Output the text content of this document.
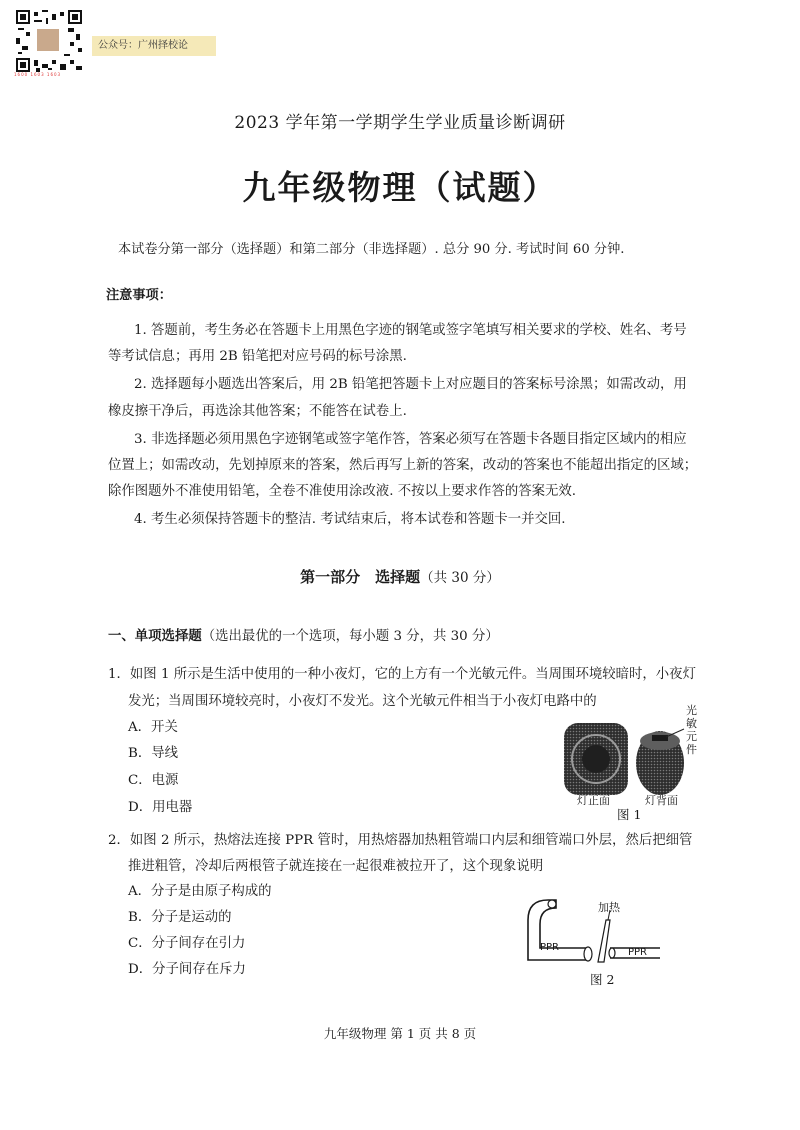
1600 1603 1603
公众号：广州择校论
2023 学年第一学期学生学业质量诊断调研
九年级物理（试题）
本试卷分第一部分（选择题）和第二部分（非选择题）. 总分 90 分. 考试时间 60 分钟.
注意事项：
1. 答题前，考生务必在答题卡上用黑色字迹的钢笔或签字笔填写相关要求的学校、姓名、考号
等考试信息；再用 2B 铅笔把对应号码的标号涂黑.
2. 选择题每小题选出答案后，用 2B 铅笔把答题卡上对应题目的答案标号涂黑；如需改动，用
橡皮擦干净后，再选涂其他答案；不能答在试卷上.
3. 非选择题必须用黑色字迹钢笔或签字笔作答，答案必须写在答题卡各题目指定区域内的相应
位置上；如需改动，先划掉原来的答案，然后再写上新的答案，改动的答案也不能超出指定的区域；
除作图题外不准使用铅笔，全卷不准使用涂改液. 不按以上要求作答的答案无效.
4. 考生必须保持答题卡的整洁. 考试结束后，将本试卷和答题卡一并交回.
第一部分　选择题（共 30 分）
一、单项选择题（选出最优的一个选项，每小题 3 分，共 30 分）
1．如图 1 所示是生活中使用的一种小夜灯，它的上方有一个光敏元件。当周围环境较暗时，小夜灯
发光；当周围环境较亮时，小夜灯不发光。这个光敏元件相当于小夜灯电路中的
A．开关
B．导线
C．电源
D．用电器
光
敏
元
件
灯正面	灯背面
图 1
2．如图 2 所示，热熔法连接 PPR 管时，用热熔器加热粗管端口内层和细管端口外层，然后把细管
推进粗管，冷却后两根管子就连接在一起很难被拉开了，这个现象说明
A．分子是由原子构成的
B．分子是运动的
C．分子间存在引力
D．分子间存在斥力
加热
PPR	PPR
图 2
九年级物理 第 1 页 共 8 页
